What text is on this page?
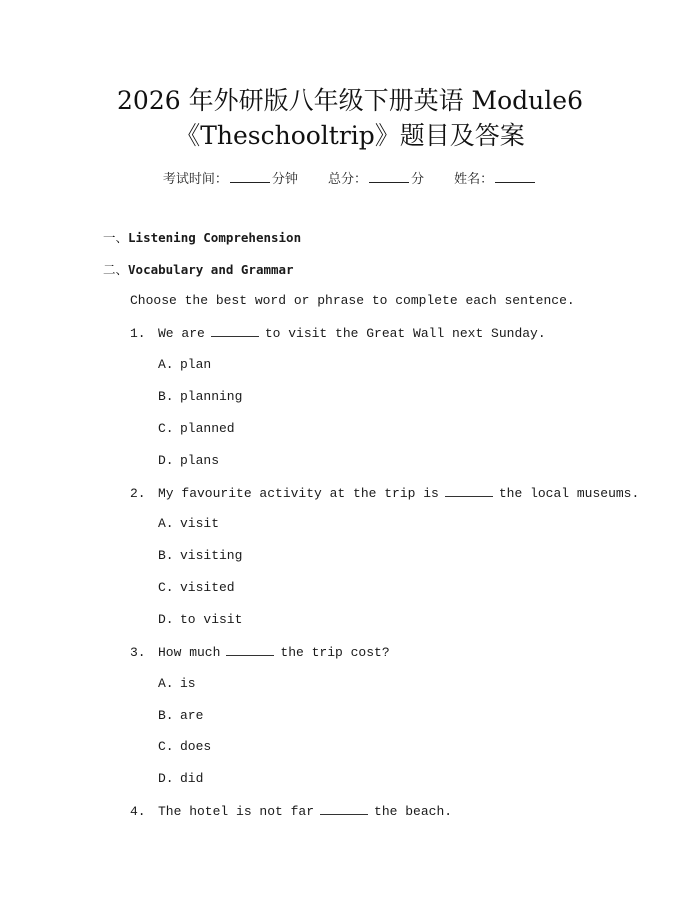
2026 年外研版八年级下册英语 Module6
《Theschooltrip》题目及答案
考试时间：	分钟 总分：	分 姓名：
一、Listening Comprehension
二、Vocabulary and Grammar
Choose the best word or phrase to complete each sentence.
1. We are	to visit the Great Wall next Sunday.
A. plan
B. planning
C. planned
D. plans
2. My favourite activity at the trip is	the local museums.
A. visit
B. visiting
C. visited
D. to visit
3. How much	the trip cost?
A. is
B. are
C. does
D. did
4. The hotel is not far	the beach.
